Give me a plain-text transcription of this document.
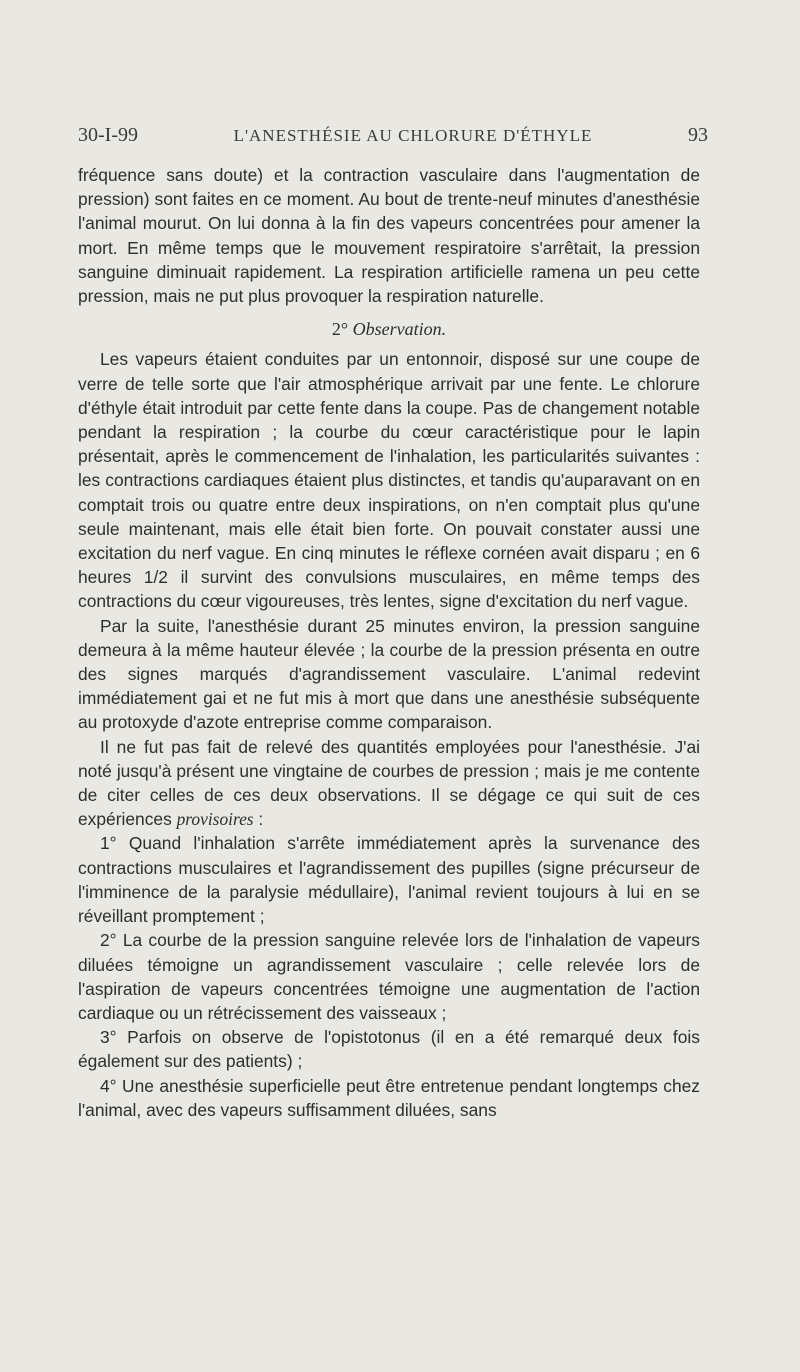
30-I-99	L'ANESTHÉSIE AU CHLORURE D'ÉTHYLE	93

fréquence sans doute) et la contraction vasculaire dans l'augmentation de pression) sont faites en ce moment. Au bout de trente-neuf minutes d'anesthésie l'animal mourut. On lui donna à la fin des vapeurs concentrées pour amener la mort. En même temps que le mouvement respiratoire s'arrêtait, la pression sanguine diminuait rapidement. La respiration artificielle ramena un peu cette pression, mais ne put plus provoquer la respiration naturelle.

2° Observation.

Les vapeurs étaient conduites par un entonnoir, disposé sur une coupe de verre de telle sorte que l'air atmosphérique arrivait par une fente. Le chlorure d'éthyle était introduit par cette fente dans la coupe. Pas de changement notable pendant la respiration ; la courbe du cœur caractéristique pour le lapin présentait, après le commencement de l'inhalation, les particularités suivantes : les contractions cardiaques étaient plus distinctes, et tandis qu'auparavant on en comptait trois ou quatre entre deux inspirations, on n'en comptait plus qu'une seule maintenant, mais elle était bien forte. On pouvait constater aussi une excitation du nerf vague. En cinq minutes le réflexe cornéen avait disparu ; en 6 heures 1/2 il survint des convulsions musculaires, en même temps des contractions du cœur vigoureuses, très lentes, signe d'excitation du nerf vague.

Par la suite, l'anesthésie durant 25 minutes environ, la pression sanguine demeura à la même hauteur élevée ; la courbe de la pression présenta en outre des signes marqués d'agrandissement vasculaire. L'animal redevint immédiatement gai et ne fut mis à mort que dans une anesthésie subséquente au protoxyde d'azote entreprise comme comparaison.

Il ne fut pas fait de relevé des quantités employées pour l'anesthésie. J'ai noté jusqu'à présent une vingtaine de courbes de pression ; mais je me contente de citer celles de ces deux observations. Il se dégage ce qui suit de ces expériences provisoires :

1° Quand l'inhalation s'arrête immédiatement après la survenance des contractions musculaires et l'agrandissement des pupilles (signe précurseur de l'imminence de la paralysie médullaire), l'animal revient toujours à lui en se réveillant promptement ;

2° La courbe de la pression sanguine relevée lors de l'inhalation de vapeurs diluées témoigne un agrandissement vasculaire ; celle relevée lors de l'aspiration de vapeurs concentrées témoigne une augmentation de l'action cardiaque ou un rétrécissement des vaisseaux ;

3° Parfois on observe de l'opistotonus (il en a été remarqué deux fois également sur des patients) ;

4° Une anesthésie superficielle peut être entretenue pendant longtemps chez l'animal, avec des vapeurs suffisamment diluées, sans
